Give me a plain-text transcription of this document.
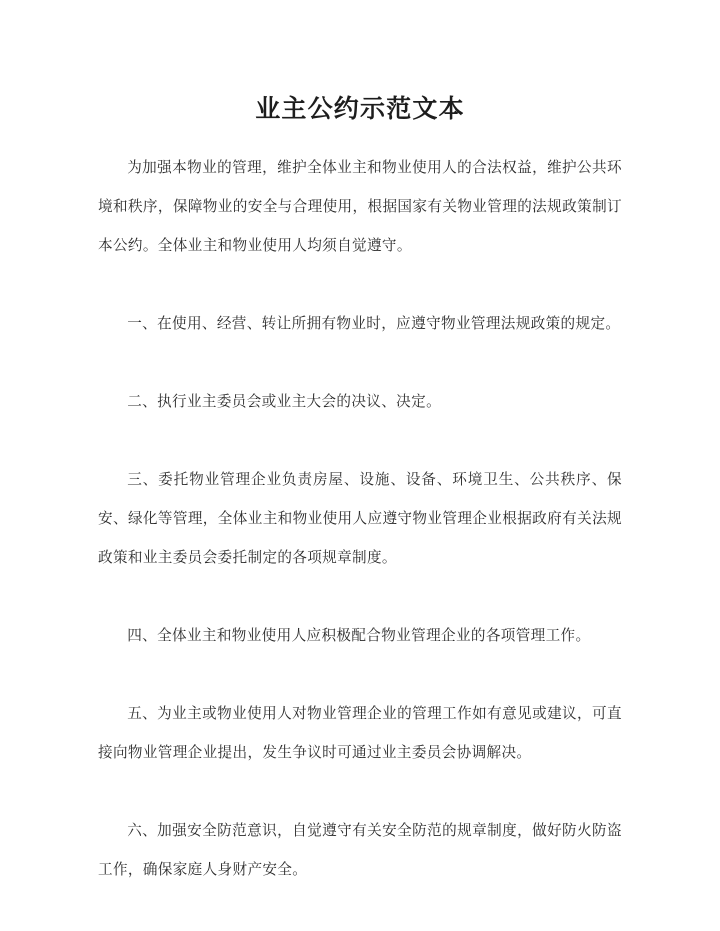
业主公约示范文本

为加强本物业的管理，维护全体业主和物业使用人的合法权益，维护公共环境和秩序，保障物业的安全与合理使用，根据国家有关物业管理的法规政策制订本公约。全体业主和物业使用人均须自觉遵守。

一、在使用、经营、转让所拥有物业时，应遵守物业管理法规政策的规定。

二、执行业主委员会或业主大会的决议、决定。

三、委托物业管理企业负责房屋、设施、设备、环境卫生、公共秩序、保安、绿化等管理，全体业主和物业使用人应遵守物业管理企业根据政府有关法规政策和业主委员会委托制定的各项规章制度。

四、全体业主和物业使用人应积极配合物业管理企业的各项管理工作。

五、为业主或物业使用人对物业管理企业的管理工作如有意见或建议，可直接向物业管理企业提出，发生争议时可通过业主委员会协调解决。

六、加强安全防范意识，自觉遵守有关安全防范的规章制度，做好防火防盗工作，确保家庭人身财产安全。
